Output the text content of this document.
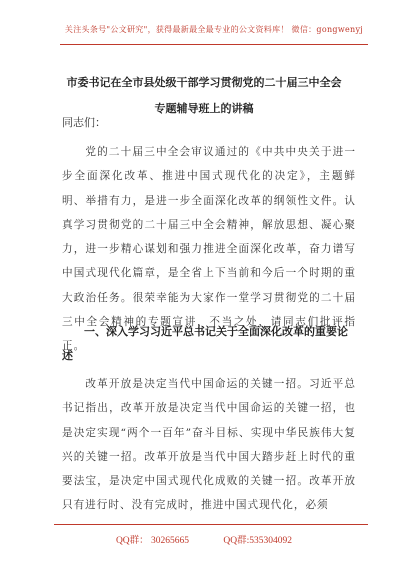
关注头条号"公文研究"，获得最新最全最专业的公文资料库！ 微信：gongwenyj
市委书记在全市县处级干部学习贯彻党的二十届三中全会
专题辅导班上的讲稿
同志们：

党的二十届三中全会审议通过的《中共中央关于进一步全面深化改革、推进中国式现代化的决定》，主题鲜明、举措有力，是进一步全面深化改革的纲领性文件。认真学习贯彻党的二十届三中全会精神，解放思想、凝心聚力，进一步精心谋划和强力推进全面深化改革，奋力谱写中国式现代化篇章，是全省上下当前和今后一个时期的重大政治任务。很荣幸能为大家作一堂学习贯彻党的二十届三中全会精神的专题宣讲，不当之处，请同志们批评指正。

一、深入学习习近平总书记关于全面深化改革的重要论述

改革开放是决定当代中国命运的关键一招。习近平总书记指出，改革开放是决定当代中国命运的关键一招，也是决定实现“两个一百年”奋斗目标、实现中华民族伟大复兴的关键一招。改革开放是当代中国大踏步赶上时代的重要法宝，是决定中国式现代化成败的关键一招。改革开放只有进行时、没有完成时，推进中国式现代化，必须

QQ群： 30265665	QQ群:535304092
